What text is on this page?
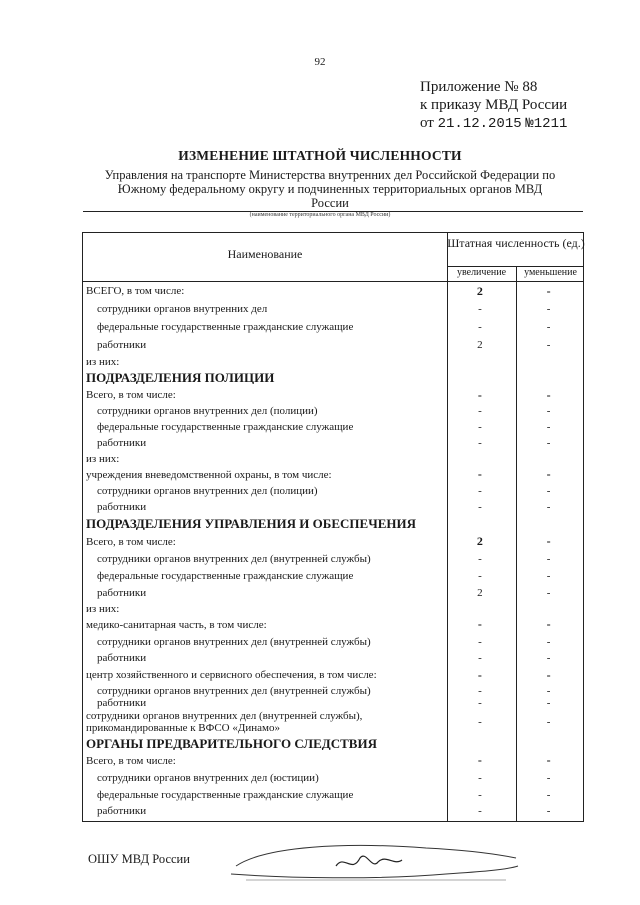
92
Приложение № 88
к приказу МВД России
от 21.12.2015 №1211
ИЗМЕНЕНИЕ ШТАТНОЙ ЧИСЛЕННОСТИ
Управления на транспорте Министерства внутренних дел Российской Федерации по Южному федеральному округу и подчиненных территориальных органов МВД России
(наименование территориального органа МВД России)
Наименование
Штатная численность (ед.)
увеличение	уменьшение
ВСЕГО, в том числе:	2	-
сотрудники органов внутренних дел	-	-
федеральные государственные гражданские служащие	-	-
работники	2	-
из них:
ПОДРАЗДЕЛЕНИЯ ПОЛИЦИИ
Всего, в том числе:	-	-
сотрудники органов внутренних дел (полиции)	-	-
федеральные государственные гражданские служащие	-	-
работники	-	-
из них:
учреждения вневедомственной охраны, в том числе:	-	-
сотрудники органов внутренних дел (полиции)	-	-
работники	-	-
ПОДРАЗДЕЛЕНИЯ УПРАВЛЕНИЯ И ОБЕСПЕЧЕНИЯ
Всего, в том числе:	2	-
сотрудники органов внутренних дел (внутренней службы)	-	-
федеральные государственные гражданские служащие	-	-
работники	2	-
из них:
медико-санитарная часть, в том числе:	-	-
сотрудники органов внутренних дел (внутренней службы)	-	-
работники	-	-
центр хозяйственного и сервисного обеспечения, в том числе:	-	-
сотрудники органов внутренних дел (внутренней службы)	-	-
работники	-	-
сотрудники органов внутренних дел (внутренней службы), прикомандированные к ВФСО «Динамо»	-	-
ОРГАНЫ ПРЕДВАРИТЕЛЬНОГО СЛЕДСТВИЯ
Всего, в том числе:	-	-
сотрудники органов внутренних дел (юстиции)	-	-
федеральные государственные гражданские служащие	-	-
работники	-	-
ОШУ МВД России
